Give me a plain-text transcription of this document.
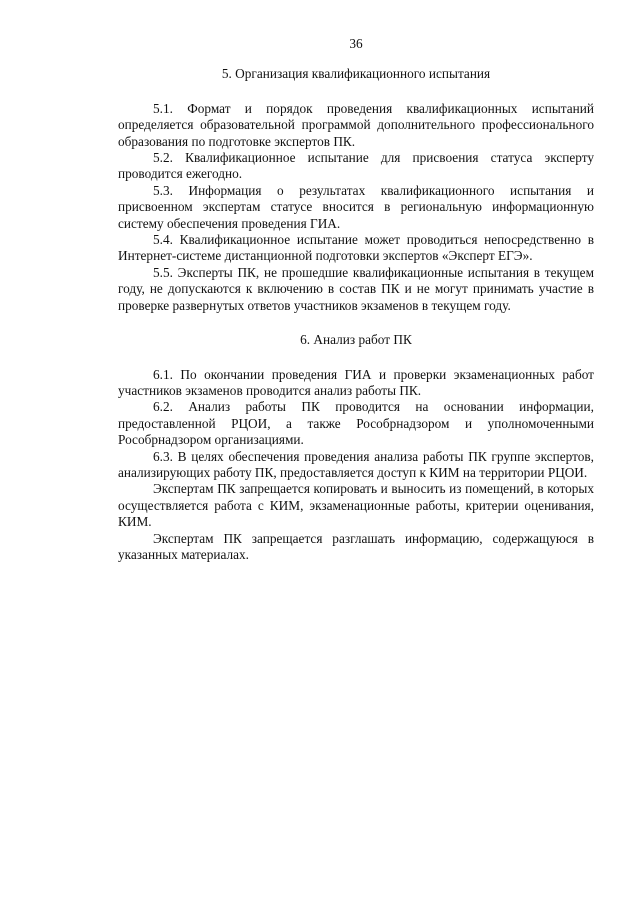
36
5. Организация квалификационного испытания

5.1. Формат и порядок проведения квалификационных испытаний определяется образовательной программой дополнительного профессионального образования по подготовке экспертов ПК.

5.2. Квалификационное испытание для присвоения статуса эксперту проводится ежегодно.

5.3. Информация о результатах квалификационного испытания и присвоенном экспертам статусе вносится в региональную информационную систему обеспечения проведения ГИА.

5.4. Квалификационное испытание может проводиться непосредственно в Интернет-системе дистанционной подготовки экспертов «Эксперт ЕГЭ».

5.5. Эксперты ПК, не прошедшие квалификационные испытания в текущем году, не допускаются к включению в состав ПК и не могут принимать участие в проверке развернутых ответов участников экзаменов в текущем году.

6. Анализ работ ПК

6.1. По окончании проведения ГИА и проверки экзаменационных работ участников экзаменов проводится анализ работы ПК.

6.2. Анализ работы ПК проводится на основании информации, предоставленной РЦОИ, а также Рособрнадзором и уполномоченными Рособрнадзором организациями.

6.3. В целях обеспечения проведения анализа работы ПК группе экспертов, анализирующих работу ПК, предоставляется доступ к КИМ на территории РЦОИ.

Экспертам ПК запрещается копировать и выносить из помещений, в которых осуществляется работа с КИМ, экзаменационные работы, критерии оценивания, КИМ.

Экспертам ПК запрещается разглашать информацию, содержащуюся в указанных материалах.
